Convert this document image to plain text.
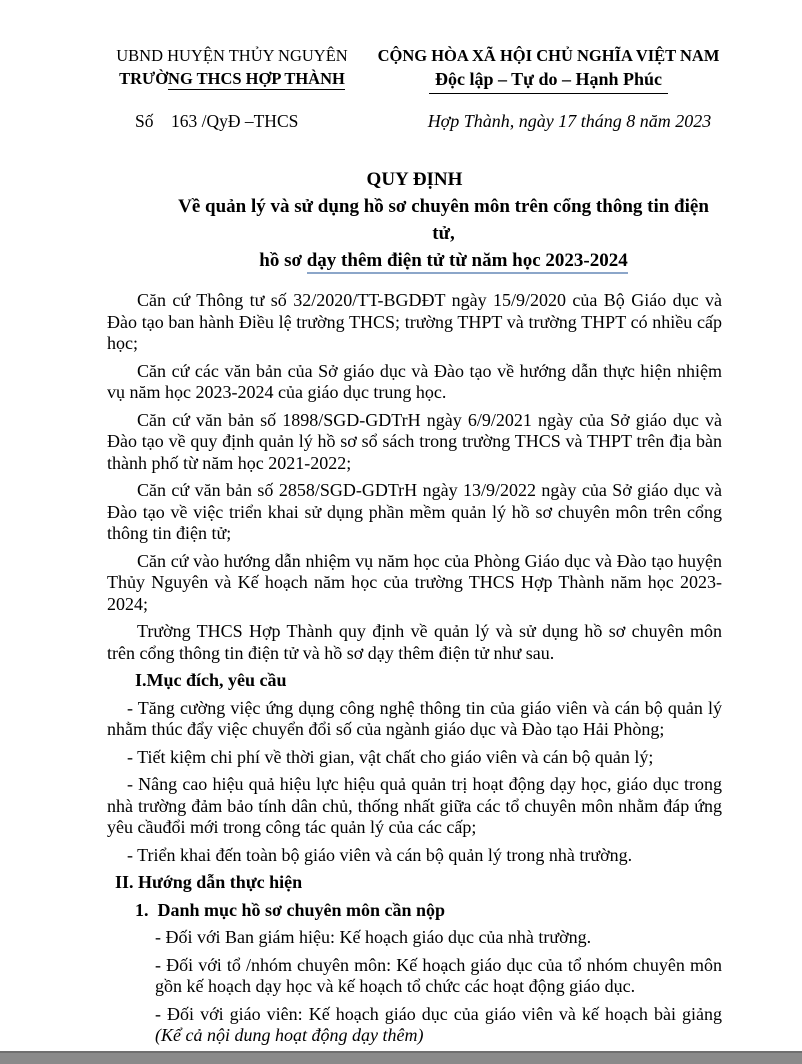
UBND HUYỆN THỦY NGUYÊN
TRƯỜNG THCS HỢP THÀNH
CỘNG HÒA XÃ HỘI CHỦ NGHĨA VIỆT NAM
Độc lập – Tự do – Hạnh Phúc
Số    163 /QyĐ –THCS	Hợp Thành, ngày 17 tháng 8 năm 2023
QUY ĐỊNH
Về quản lý và sử dụng hồ sơ chuyên môn trên cổng thông tin điện tử,
hồ sơ dạy thêm điện tử từ năm học 2023-2024

Căn cứ Thông tư số 32/2020/TT-BGDĐT ngày 15/9/2020 của Bộ Giáo dục và Đào tạo ban hành Điều lệ trường THCS; trường THPT và trường THPT có nhiều cấp học;

Căn cứ các văn bản của Sở giáo dục và Đào tạo về hướng dẫn thực hiện nhiệm vụ năm học 2023-2024 của giáo dục trung học.

Căn cứ văn bản số 1898/SGD-GDTrH ngày 6/9/2021 ngày của Sở giáo dục và Đào tạo về quy định quản lý hồ sơ sổ sách trong trường THCS và THPT trên địa bàn thành phố từ năm học 2021-2022;

Căn cứ văn bản số 2858/SGD-GDTrH ngày 13/9/2022 ngày của Sở giáo dục và Đào tạo về việc triển khai sử dụng phần mềm quản lý hồ sơ chuyên môn trên cổng thông tin điện tử;

Căn cứ vào hướng dẫn nhiệm vụ năm học của Phòng Giáo dục và Đào tạo huyện Thủy Nguyên và Kế hoạch năm học của trường THCS Hợp Thành năm học 2023-2024;

Trường THCS Hợp Thành quy định về quản lý và sử dụng hồ sơ chuyên môn trên cổng thông tin điện tử và hồ sơ dạy thêm điện tử như sau.

I.Mục đích, yêu cầu

- Tăng cường việc ứng dụng công nghệ thông tin của giáo viên và cán bộ quản lý nhằm thúc đẩy việc chuyển đổi số của ngành giáo dục và Đào tạo Hải Phòng;

- Tiết kiệm chi phí về thời gian, vật chất cho giáo viên và cán bộ quản lý;

- Nâng cao hiệu quả hiệu lực hiệu quả quản trị hoạt động dạy học, giáo dục trong nhà trường đảm bảo tính dân chủ, thống nhất giữa các tổ chuyên môn nhằm đáp ứng yêu cầuđổi mới trong công tác quản lý của các cấp;

- Triển khai đến toàn bộ giáo viên và cán bộ quản lý trong nhà trường.

II. Hướng dẫn thực hiện

1.  Danh mục hồ sơ chuyên môn cần nộp

- Đối với Ban giám hiệu: Kế hoạch giáo dục của nhà trường.

- Đối với tổ /nhóm chuyên môn: Kế hoạch giáo dục của tổ nhóm chuyên môn gồn kế hoạch dạy học và kế hoạch tổ chức các hoạt động giáo dục.

- Đối với giáo viên: Kế hoạch giáo dục của giáo viên và kế hoạch bài giảng (Kể cả nội dung hoạt động dạy thêm)
